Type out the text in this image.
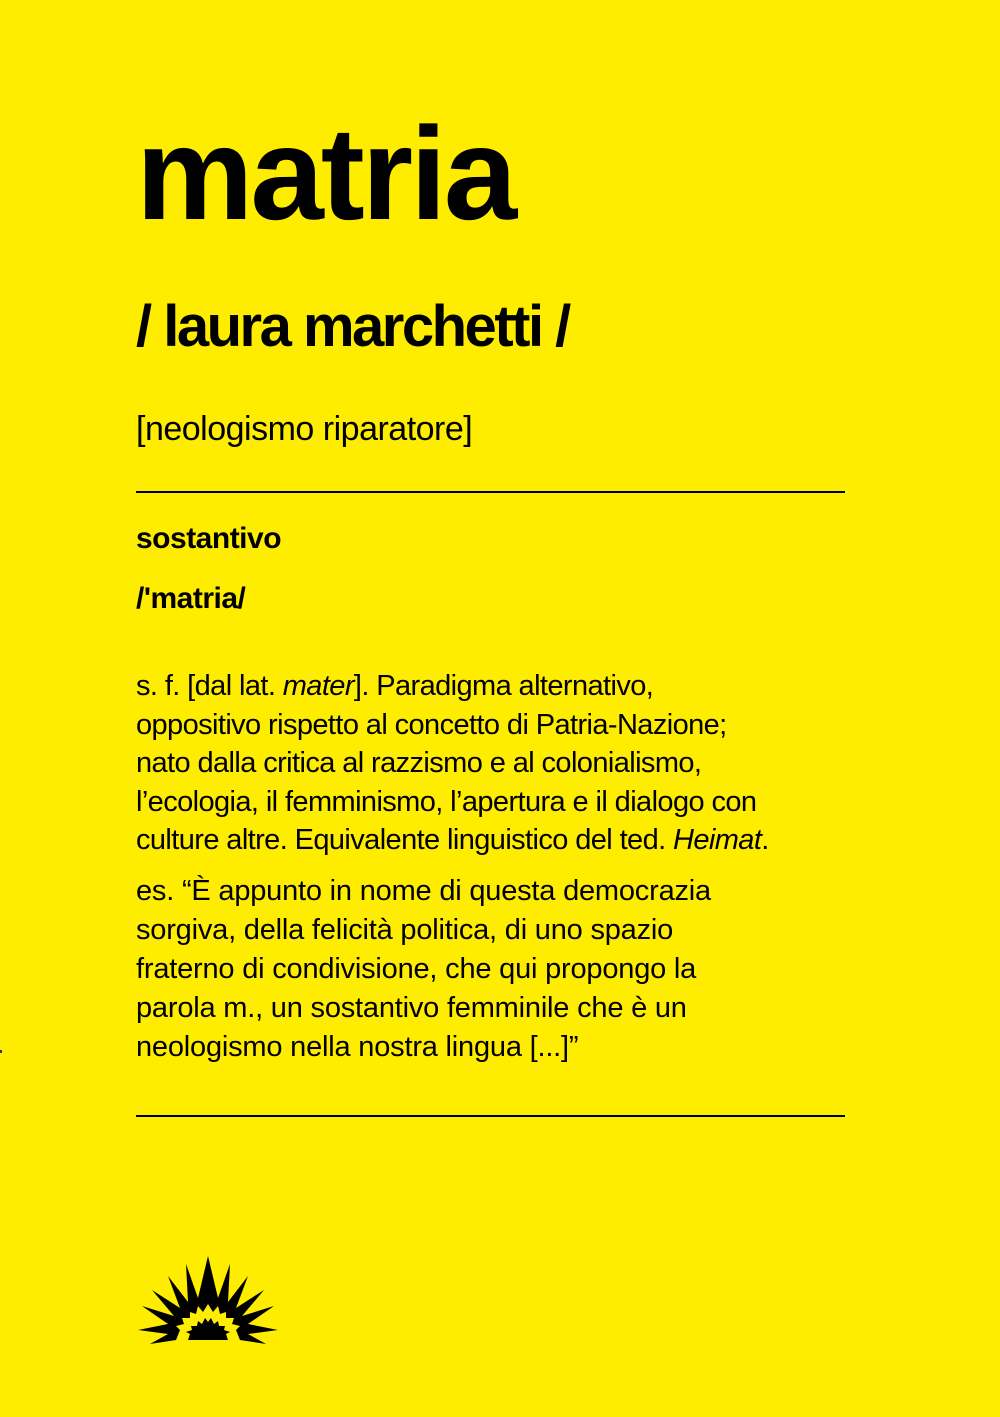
matria
/ laura marchetti /
[neologismo riparatore]
sostantivo
/'matria/

s. f. [dal lat. mater]. Paradigma alternativo,
oppositivo rispetto al concetto di Patria-Nazione;
nato dalla critica al razzismo e al colonialismo,
l’ecologia, il femminismo, l’apertura e il dialogo con
culture altre. Equivalente linguistico del ted. Heimat.

es. “È appunto in nome di questa democrazia
sorgiva, della felicità politica, di uno spazio
fraterno di condivisione, che qui propongo la
parola m., un sostantivo femminile che è un
neologismo nella nostra lingua [...]”
